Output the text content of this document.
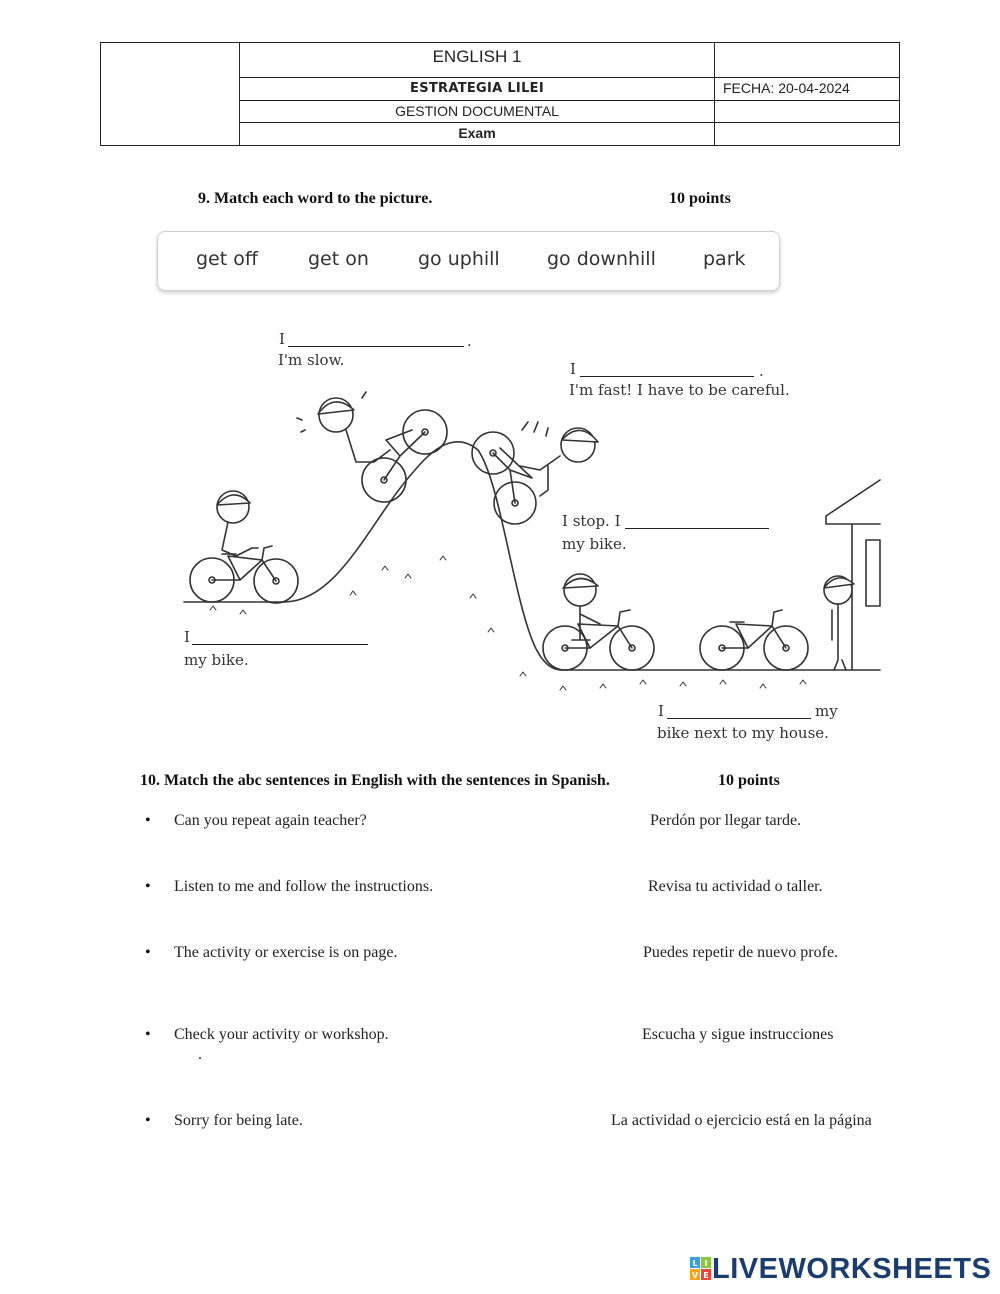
ENGLISH 1
ESTRATEGIA LILEI	FECHA: 20-04-2024
GESTION DOCUMENTAL
Exam
9. Match each word to the picture.	10 points
get off	get on	go uphill go downhill park
I	.
I'm slow.	I	.
I'm fast! I have to be careful.
I stop. I
my bike.
I
my bike.
I	my
bike next to my house.
10. Match the abc sentences in English with the sentences in Spanish.	10 points
• Can you repeat again teacher?	Perdón por llegar tarde.
• Listen to me and follow the instructions.	Revisa tu actividad o taller.
• The activity or exercise is on page.	Puedes repetir de nuevo profe.
• Check your activity or workshop.	Escucha y sigue instrucciones
.
• Sorry for being late.	La actividad o ejercicio está en la página
L I
V E LIVEWORKSHEETS
